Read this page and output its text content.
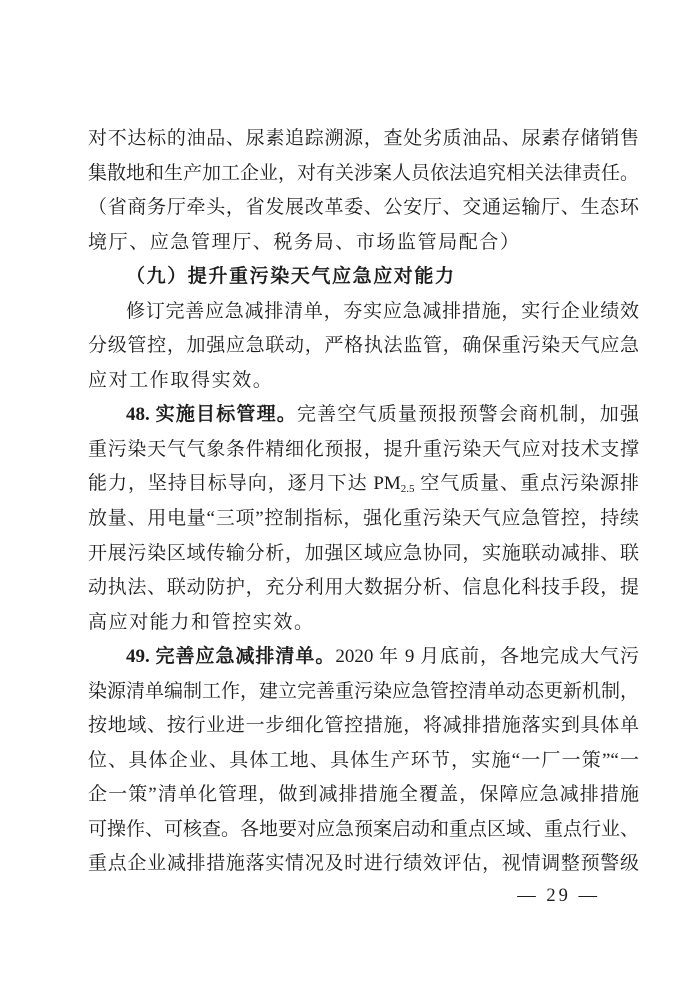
对不达标的油品、尿素追踪溯源，查处劣质油品、尿素存储销售
集散地和生产加工企业，对有关涉案人员依法追究相关法律责任。
（省商务厅牵头，省发展改革委、公安厅、交通运输厅、生态环
境厅、应急管理厅、税务局、市场监管局配合）
（九）提升重污染天气应急应对能力
修订完善应急减排清单，夯实应急减排措施，实行企业绩效
分级管控，加强应急联动，严格执法监管，确保重污染天气应急
应对工作取得实效。
48. 实施目标管理。完善空气质量预报预警会商机制，加强
重污染天气气象条件精细化预报，提升重污染天气应对技术支撑
能力，坚持目标导向，逐月下达 PM2.5 空气质量、重点污染源排
放量、用电量“三项”控制指标，强化重污染天气应急管控，持续
开展污染区域传输分析，加强区域应急协同，实施联动减排、联
动执法、联动防护，充分利用大数据分析、信息化科技手段，提
高应对能力和管控实效。
49. 完善应急减排清单。2020 年 9 月底前，各地完成大气污
染源清单编制工作，建立完善重污染应急管控清单动态更新机制，
按地域、按行业进一步细化管控措施，将减排措施落实到具体单
位、具体企业、具体工地、具体生产环节，实施“一厂一策”“一
企一策”清单化管理，做到减排措施全覆盖，保障应急减排措施
可操作、可核查。各地要对应急预案启动和重点区域、重点行业、
重点企业减排措施落实情况及时进行绩效评估，视情调整预警级
— 29 —
